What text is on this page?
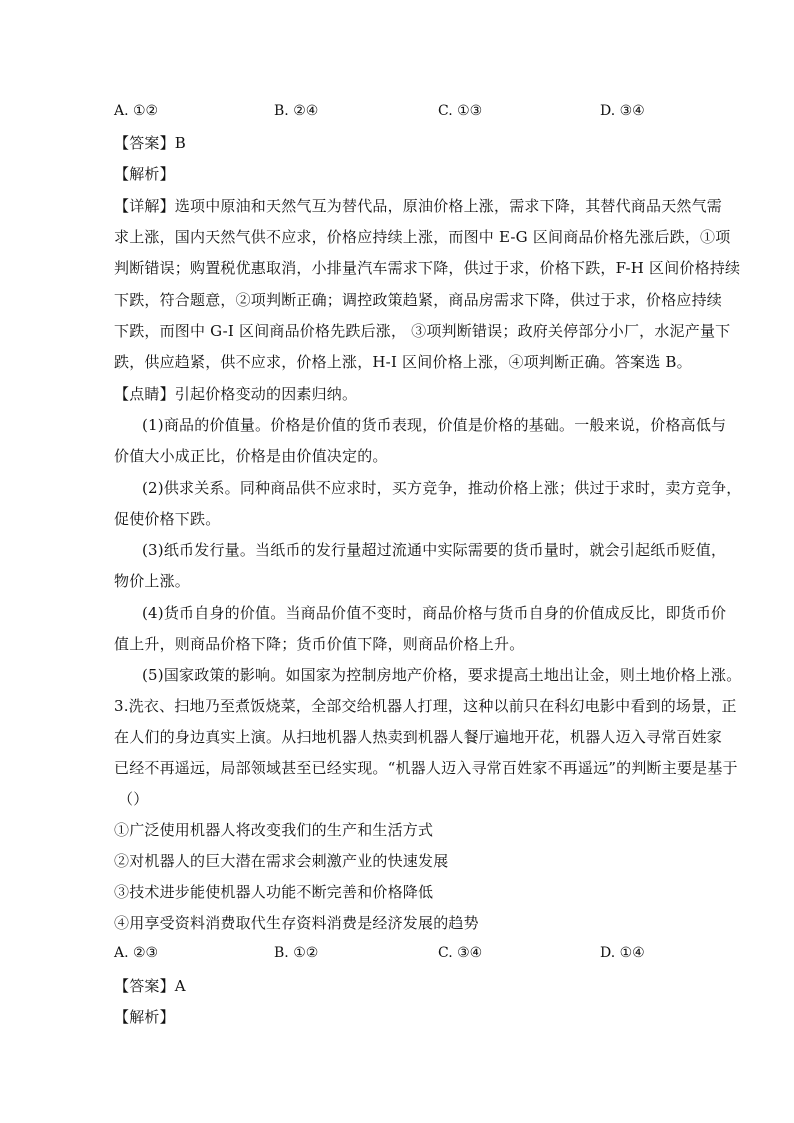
A. ①②	B. ②④	C. ①③	D. ③④
【答案】B
【解析】
【详解】选项中原油和天然气互为替代品，原油价格上涨，需求下降，其替代商品天然气需
求上涨，国内天然气供不应求，价格应持续上涨，而图中 E-G 区间商品价格先涨后跌，①项
判断错误；购置税优惠取消，小排量汽车需求下降，供过于求，价格下跌，F-H 区间价格持续
下跌，符合题意，②项判断正确；调控政策趋紧，商品房需求下降，供过于求，价格应持续
下跌，而图中 G-I 区间商品价格先跌后涨， ③项判断错误；政府关停部分小厂，水泥产量下
跌，供应趋紧，供不应求，价格上涨，H-I 区间价格上涨，④项判断正确。答案选 B。
【点睛】引起价格变动的因素归纳。
(1)商品的价值量。价格是价值的货币表现，价值是价格的基础。一般来说，价格高低与
价值大小成正比，价格是由价值决定的。
(2)供求关系。同种商品供不应求时，买方竞争，推动价格上涨；供过于求时，卖方竞争，
促使价格下跌。
(3)纸币发行量。当纸币的发行量超过流通中实际需要的货币量时，就会引起纸币贬值，
物价上涨。
(4)货币自身的价值。当商品价值不变时，商品价格与货币自身的价值成反比，即货币价
值上升，则商品价格下降；货币价值下降，则商品价格上升。
(5)国家政策的影响。如国家为控制房地产价格，要求提高土地出让金，则土地价格上涨。
3.洗衣、扫地乃至煮饭烧菜，全部交给机器人打理，这种以前只在科幻电影中看到的场景，正
在人们的身边真实上演。从扫地机器人热卖到机器人餐厅遍地开花，机器人迈入寻常百姓家
已经不再遥远，局部领域甚至已经实现。“机器人迈入寻常百姓家不再遥远”的判断主要是基于
（）
①广泛使用机器人将改变我们的生产和生活方式
②对机器人的巨大潜在需求会刺激产业的快速发展
③技术进步能使机器人功能不断完善和价格降低
④用享受资料消费取代生存资料消费是经济发展的趋势
A. ②③	B. ①②	C. ③④	D. ①④
【答案】A
【解析】
